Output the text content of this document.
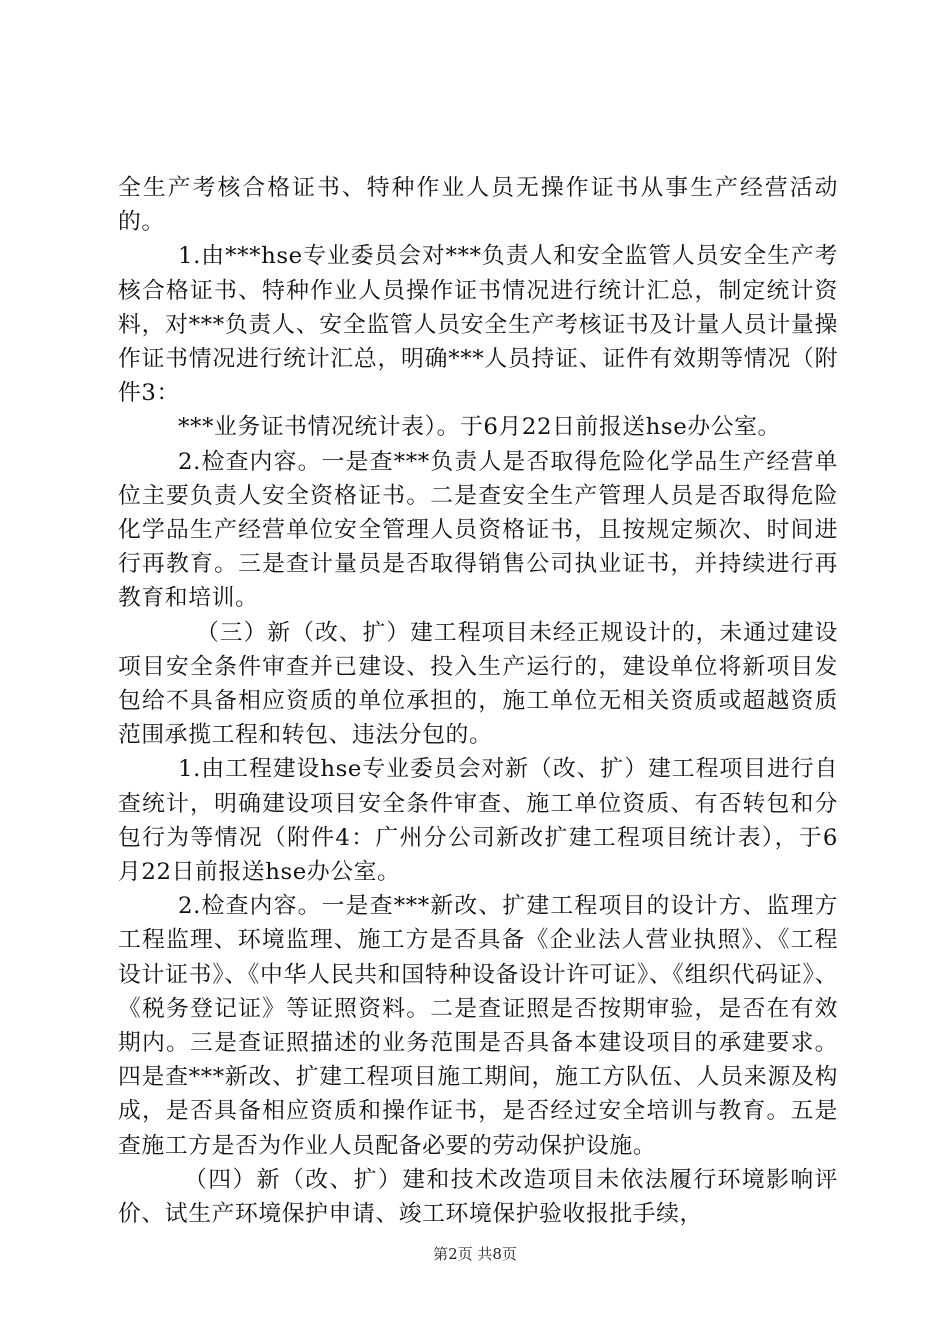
全生产考核合格证书、特种作业人员无操作证书从事生产经营活动的。

1.由***hse专业委员会对***负责人和安全监管人员安全生产考核合格证书、特种作业人员操作证书情况进行统计汇总，制定统计资料，对***负责人、安全监管人员安全生产考核证书及计量人员计量操作证书情况进行统计汇总，明确***人员持证、证件有效期等情况（附件3：

***业务证书情况统计表）。于6月22日前报送hse办公室。

2.检查内容。一是查***负责人是否取得危险化学品生产经营单位主要负责人安全资格证书。二是查安全生产管理人员是否取得危险化学品生产经营单位安全管理人员资格证书，且按规定频次、时间进行再教育。三是查计量员是否取得销售公司执业证书，并持续进行再教育和培训。

（三）新（改、扩）建工程项目未经正规设计的，未通过建设项目安全条件审查并已建设、投入生产运行的，建设单位将新项目发包给不具备相应资质的单位承担的，施工单位无相关资质或超越资质范围承揽工程和转包、违法分包的。

1.由工程建设hse专业委员会对新（改、扩）建工程项目进行自查统计，明确建设项目安全条件审查、施工单位资质、有否转包和分包行为等情况（附件4：广州分公司新改扩建工程项目统计表），于6月22日前报送hse办公室。

2.检查内容。一是查***新改、扩建工程项目的设计方、监理方工程监理、环境监理、施工方是否具备《企业法人营业执照》、《工程设计证书》、《中华人民共和国特种设备设计许可证》、《组织代码证》、《税务登记证》等证照资料。二是查证照是否按期审验，是否在有效期内。三是查证照描述的业务范围是否具备本建设项目的承建要求。四是查***新改、扩建工程项目施工期间，施工方队伍、人员来源及构成，是否具备相应资质和操作证书，是否经过安全培训与教育。五是查施工方是否为作业人员配备必要的劳动保护设施。

（四）新（改、扩）建和技术改造项目未依法履行环境影响评价、试生产环境保护申请、竣工环境保护验收报批手续，

第2页 共8页
